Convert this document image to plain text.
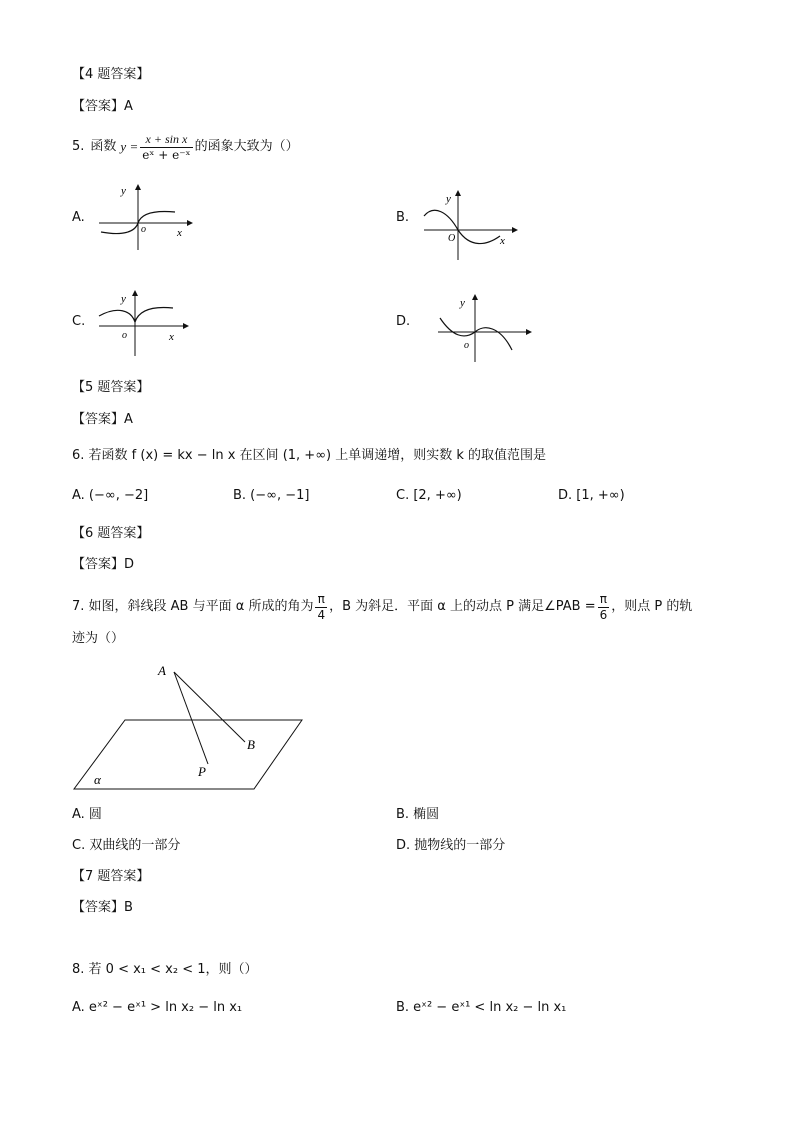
【4 题答案】
【答案】A
5. 函数 $y = \frac{\text{x + sin x}}{\text{eˣ + e⁻ˣ}}$ 的函象大致为（）
A.
y
x
o
B.
y
x
O
C.
y
x
o
D.
y
o
【5 题答案】
【答案】A
6. 若函数 f (x) = kx − ln x 在区间 (1, +∞) 上单调递增，则实数 k 的取值范围是
A. (−∞, −2]	B. (−∞, −1]	C. [2, +∞)	D. [1, +∞)
【6 题答案】
【答案】D
7. 如图，斜线段 AB 与平面 α 所成的角为 $\frac{\pi}{4}$ ，B 为斜足．平面 α 上的动点 P 满足∠PAB = $\frac{\pi}{6}$ ，则点 P 的轨
迹为（）
A
B
P
α
A. 圆	B. 椭圆
C. 双曲线的一部分	D. 抛物线的一部分
【7 题答案】
【答案】B
8. 若 0 < x₁ < x₂ < 1，则（）
A. eˣ² − eˣ¹ > ln x₂ − ln x₁	B. eˣ² − eˣ¹ < ln x₂ − ln x₁
